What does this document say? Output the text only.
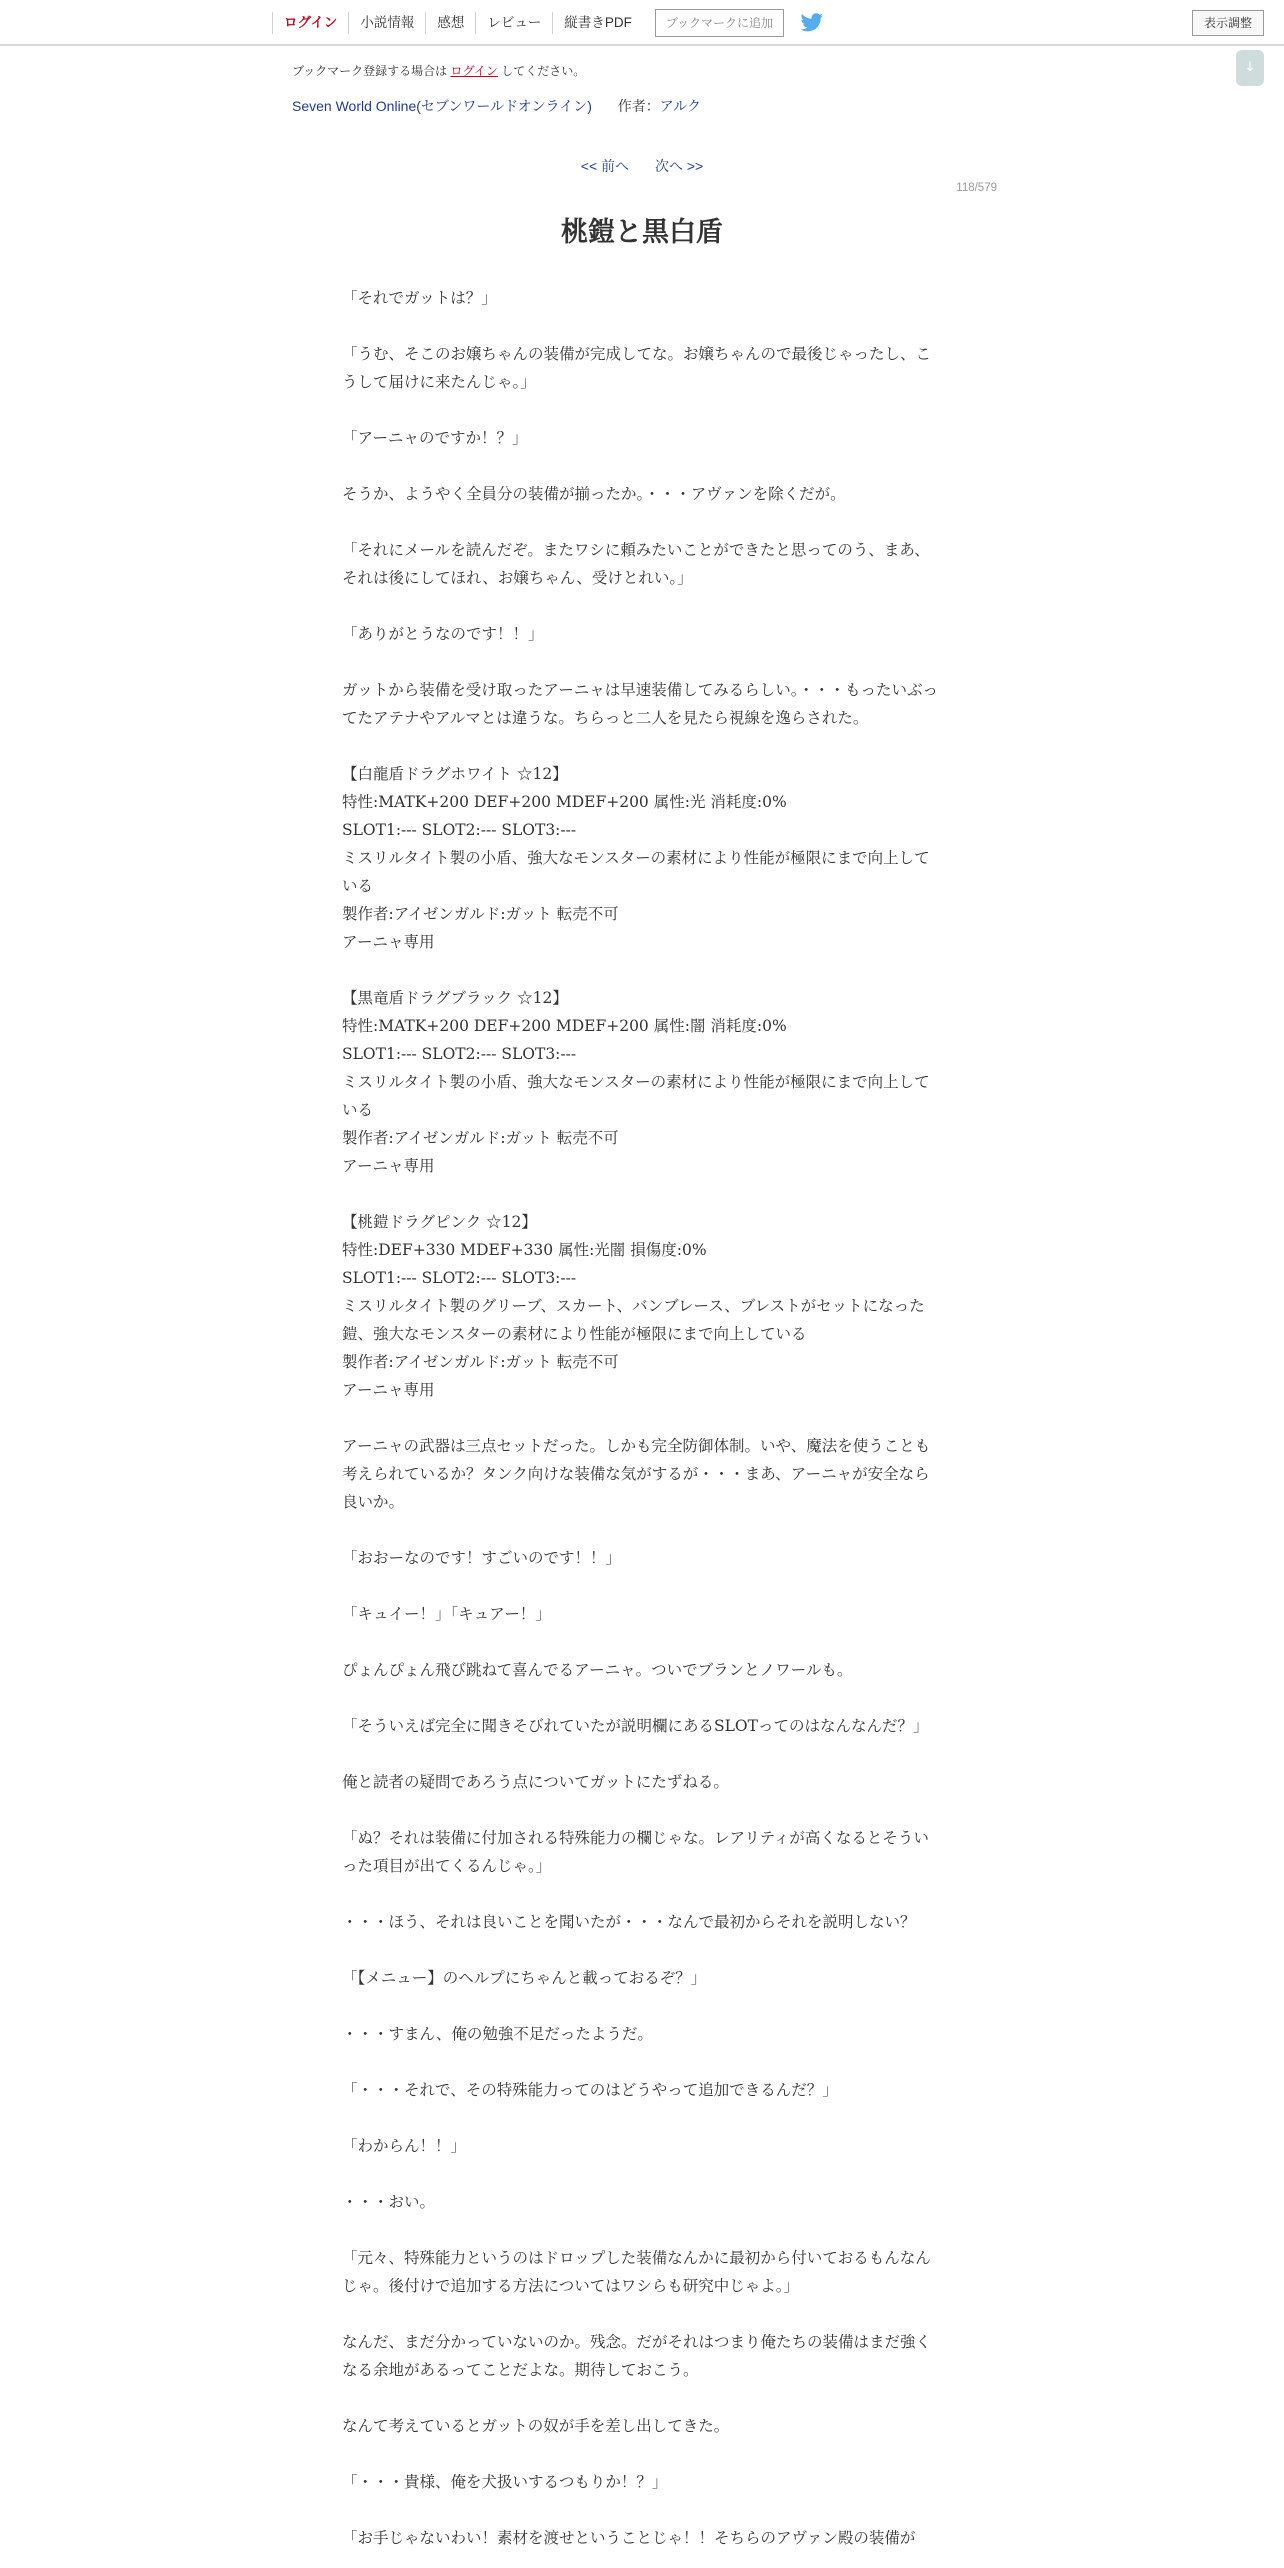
ログイン	小説情報	感想	レビュー	縦書きPDF	ブックマークに追加	表示調整
↓
ブックマーク登録する場合は ログイン してください。
Seven World Online(セブンワールドオンライン) 作者：アルク
<< 前へ 次へ >>
118/579
桃鎧と黒白盾

「それでガットは？」

「うむ、そこのお嬢ちゃんの装備が完成してな。お嬢ちゃんので最後じゃったし、こうして届けに来たんじゃ。」

「アーニャのですか！？」

そうか、ようやく全員分の装備が揃ったか。・・・アヴァンを除くだが。

「それにメールを読んだぞ。またワシに頼みたいことができたと思ってのう、まあ、それは後にしてほれ、お嬢ちゃん、受けとれい。」

「ありがとうなのです！！」

ガットから装備を受け取ったアーニャは早速装備してみるらしい。・・・もったいぶってたアテナやアルマとは違うな。ちらっと二人を見たら視線を逸らされた。

【白龍盾ドラグホワイト ☆12】

特性:MATK+200 DEF+200 MDEF+200 属性:光 消耗度:0%

SLOT1:--- SLOT2:--- SLOT3:---

ミスリルタイト製の小盾、強大なモンスターの素材により性能が極限にまで向上している

製作者:アイゼンガルド:ガット 転売不可

アーニャ専用

【黒竜盾ドラグブラック ☆12】

特性:MATK+200 DEF+200 MDEF+200 属性:闇 消耗度:0%

SLOT1:--- SLOT2:--- SLOT3:---

ミスリルタイト製の小盾、強大なモンスターの素材により性能が極限にまで向上している

製作者:アイゼンガルド:ガット 転売不可

アーニャ専用

【桃鎧ドラグピンク ☆12】

特性:DEF+330 MDEF+330 属性:光闇 損傷度:0%

SLOT1:--- SLOT2:--- SLOT3:---

ミスリルタイト製のグリーブ、スカート、バンブレース、ブレストがセットになった鎧、強大なモンスターの素材により性能が極限にまで向上している

製作者:アイゼンガルド:ガット 転売不可

アーニャ専用

アーニャの武器は三点セットだった。しかも完全防御体制。いや、魔法を使うことも考えられているか？タンク向けな装備な気がするが・・・まあ、アーニャが安全なら良いか。

「おおーなのです！すごいのです！！」

「キュイー！」「キュアー！」

ぴょんぴょん飛び跳ねて喜んでるアーニャ。ついでブランとノワールも。

「そういえば完全に聞きそびれていたが説明欄にあるSLOTってのはなんなんだ？」

俺と読者の疑問であろう点についてガットにたずねる。

「ぬ？それは装備に付加される特殊能力の欄じゃな。レアリティが高くなるとそういった項目が出てくるんじゃ。」

・・・ほう、それは良いことを聞いたが・・・なんで最初からそれを説明しない？

「【メニュー】のヘルプにちゃんと載っておるぞ？」

・・・すまん、俺の勉強不足だったようだ。

「・・・それで、その特殊能力ってのはどうやって追加できるんだ？」

「わからん！！」

・・・おい。

「元々、特殊能力というのはドロップした装備なんかに最初から付いておるもんなんじゃ。後付けで追加する方法についてはワシらも研究中じゃよ。」

なんだ、まだ分かっていないのか。残念。だがそれはつまり俺たちの装備はまだ強くなる余地があるってことだよな。期待しておこう。

なんて考えているとガットの奴が手を差し出してきた。

「・・・貴様、俺を犬扱いするつもりか！？」

「お手じゃないわい！素材を渡せということじゃ！！そちらのアヴァン殿の装備が
